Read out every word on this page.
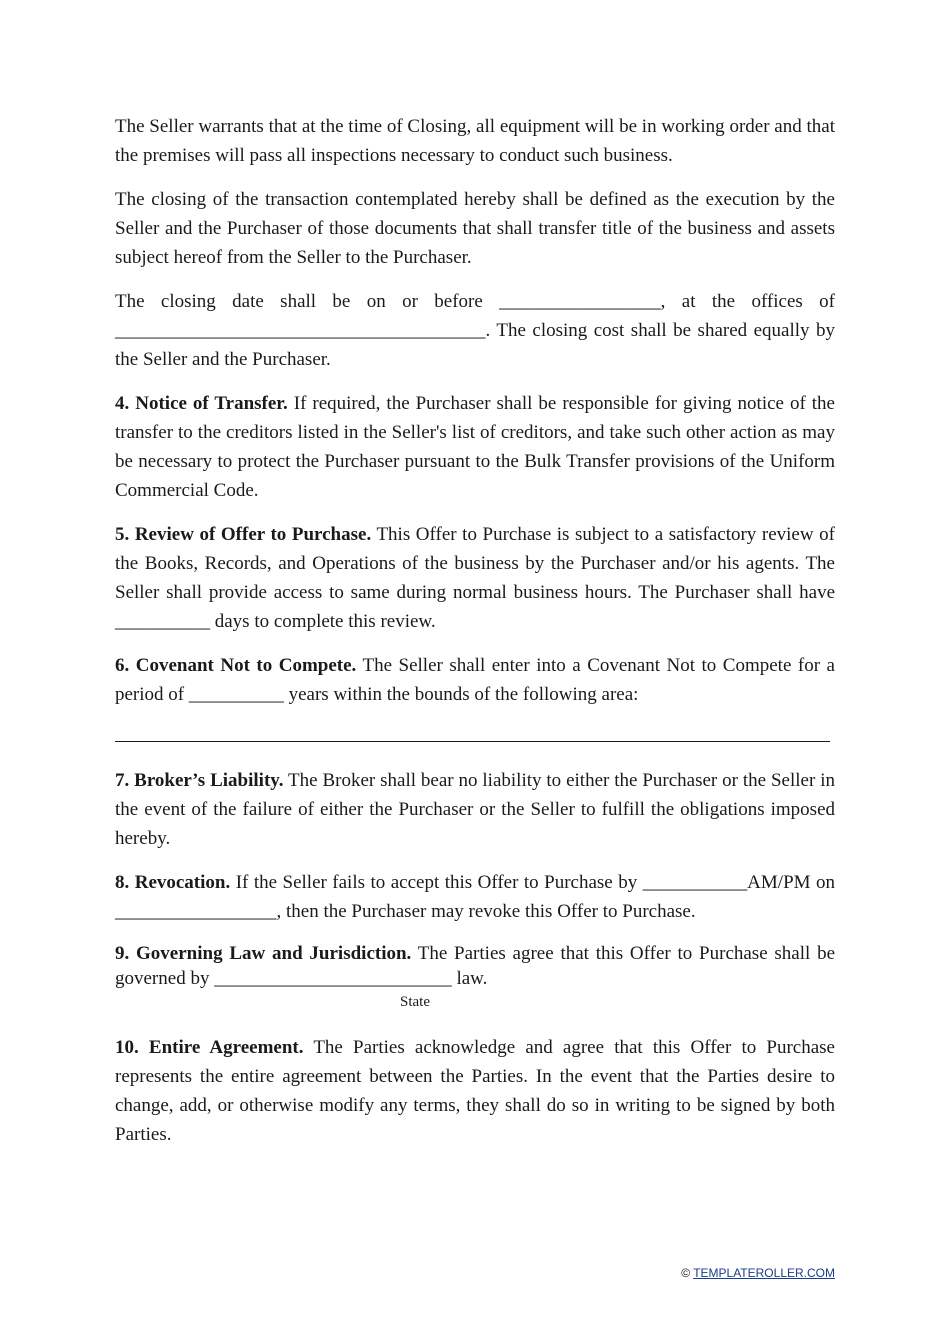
The Seller warrants that at the time of Closing, all equipment will be in working order and that the premises will pass all inspections necessary to conduct such business.

The closing of the transaction contemplated hereby shall be defined as the execution by the Seller and the Purchaser of those documents that shall transfer title of the business and assets subject hereof from the Seller to the Purchaser.

The closing date shall be on or before _________________, at the offices of _______________________________________. The closing cost shall be shared equally by the Seller and the Purchaser.

4. Notice of Transfer. If required, the Purchaser shall be responsible for giving notice of the transfer to the creditors listed in the Seller's list of creditors, and take such other action as may be necessary to protect the Purchaser pursuant to the Bulk Transfer provisions of the Uniform Commercial Code.

5. Review of Offer to Purchase. This Offer to Purchase is subject to a satisfactory review of the Books, Records, and Operations of the business by the Purchaser and/or his agents. The Seller shall provide access to same during normal business hours. The Purchaser shall have __________ days to complete this review.

6. Covenant Not to Compete. The Seller shall enter into a Covenant Not to Compete for a period of __________ years within the bounds of the following area:

7. Broker’s Liability. The Broker shall bear no liability to either the Purchaser or the Seller in the event of the failure of either the Purchaser or the Seller to fulfill the obligations imposed hereby.

8. Revocation. If the Seller fails to accept this Offer to Purchase by ___________AM/PM on _________________, then the Purchaser may revoke this Offer to Purchase.

9. Governing Law and Jurisdiction. The Parties agree that this Offer to Purchase shall be governed by _________________________ law.

State

10. Entire Agreement. The Parties acknowledge and agree that this Offer to Purchase represents the entire agreement between the Parties. In the event that the Parties desire to change, add, or otherwise modify any terms, they shall do so in writing to be signed by both Parties.

© TEMPLATEROLLER.COM
